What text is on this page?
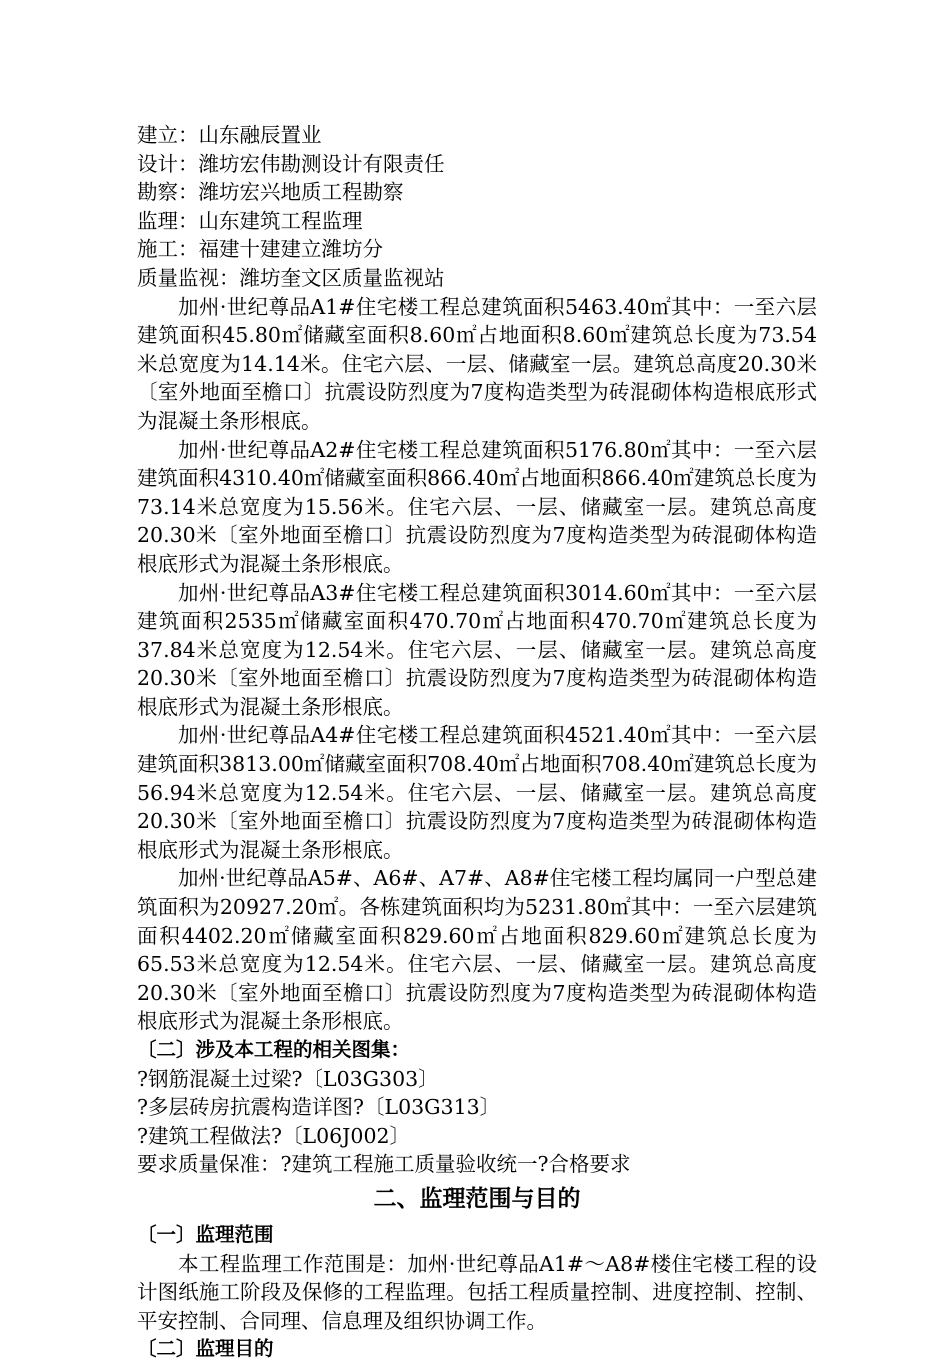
建立：山东融辰置业
设计：潍坊宏伟勘测设计有限责任
勘察：潍坊宏兴地质工程勘察
监理：山东建筑工程监理
施工：福建十建建立潍坊分
质量监视：潍坊奎文区质量监视站

加州·世纪尊品A1#住宅楼工程总建筑面积5463.40㎡其中：一至六层建筑面积45.80㎡储藏室面积8.60㎡占地面积8.60㎡建筑总长度为73.54米总宽度为14.14米。住宅六层、一层、储藏室一层。建筑总高度20.30米〔室外地面至檐口〕抗震设防烈度为7度构造类型为砖混砌体构造根底形式为混凝土条形根底。

加州·世纪尊品A2#住宅楼工程总建筑面积5176.80㎡其中：一至六层建筑面积4310.40㎡储藏室面积866.40㎡占地面积866.40㎡建筑总长度为73.14米总宽度为15.56米。住宅六层、一层、储藏室一层。建筑总高度20.30米〔室外地面至檐口〕抗震设防烈度为7度构造类型为砖混砌体构造根底形式为混凝土条形根底。

加州·世纪尊品A3#住宅楼工程总建筑面积3014.60㎡其中：一至六层建筑面积2535㎡储藏室面积470.70㎡占地面积470.70㎡建筑总长度为37.84米总宽度为12.54米。住宅六层、一层、储藏室一层。建筑总高度20.30米〔室外地面至檐口〕抗震设防烈度为7度构造类型为砖混砌体构造根底形式为混凝土条形根底。

加州·世纪尊品A4#住宅楼工程总建筑面积4521.40㎡其中：一至六层建筑面积3813.00㎡储藏室面积708.40㎡占地面积708.40㎡建筑总长度为56.94米总宽度为12.54米。住宅六层、一层、储藏室一层。建筑总高度20.30米〔室外地面至檐口〕抗震设防烈度为7度构造类型为砖混砌体构造根底形式为混凝土条形根底。

加州·世纪尊品A5#、A6#、A7#、A8#住宅楼工程均属同一户型总建筑面积为20927.20㎡。各栋建筑面积均为5231.80㎡其中：一至六层建筑面积4402.20㎡储藏室面积829.60㎡占地面积829.60㎡建筑总长度为65.53米总宽度为12.54米。住宅六层、一层、储藏室一层。建筑总高度20.30米〔室外地面至檐口〕抗震设防烈度为7度构造类型为砖混砌体构造根底形式为混凝土条形根底。

〔二〕涉及本工程的相关图集：
?钢筋混凝土过梁?〔L03G303〕
?多层砖房抗震构造详图?〔L03G313〕
?建筑工程做法?〔L06J002〕
要求质量保准：?建筑工程施工质量验收统一?合格要求
二、监理范围与目的
〔一〕监理范围

本工程监理工作范围是：加州·世纪尊品A1#～A8#楼住宅楼工程的设计图纸施工阶段及保修的工程监理。包括工程质量控制、进度控制、控制、平安控制、合同理、信息理及组织协调工作。

〔二〕监理目的
